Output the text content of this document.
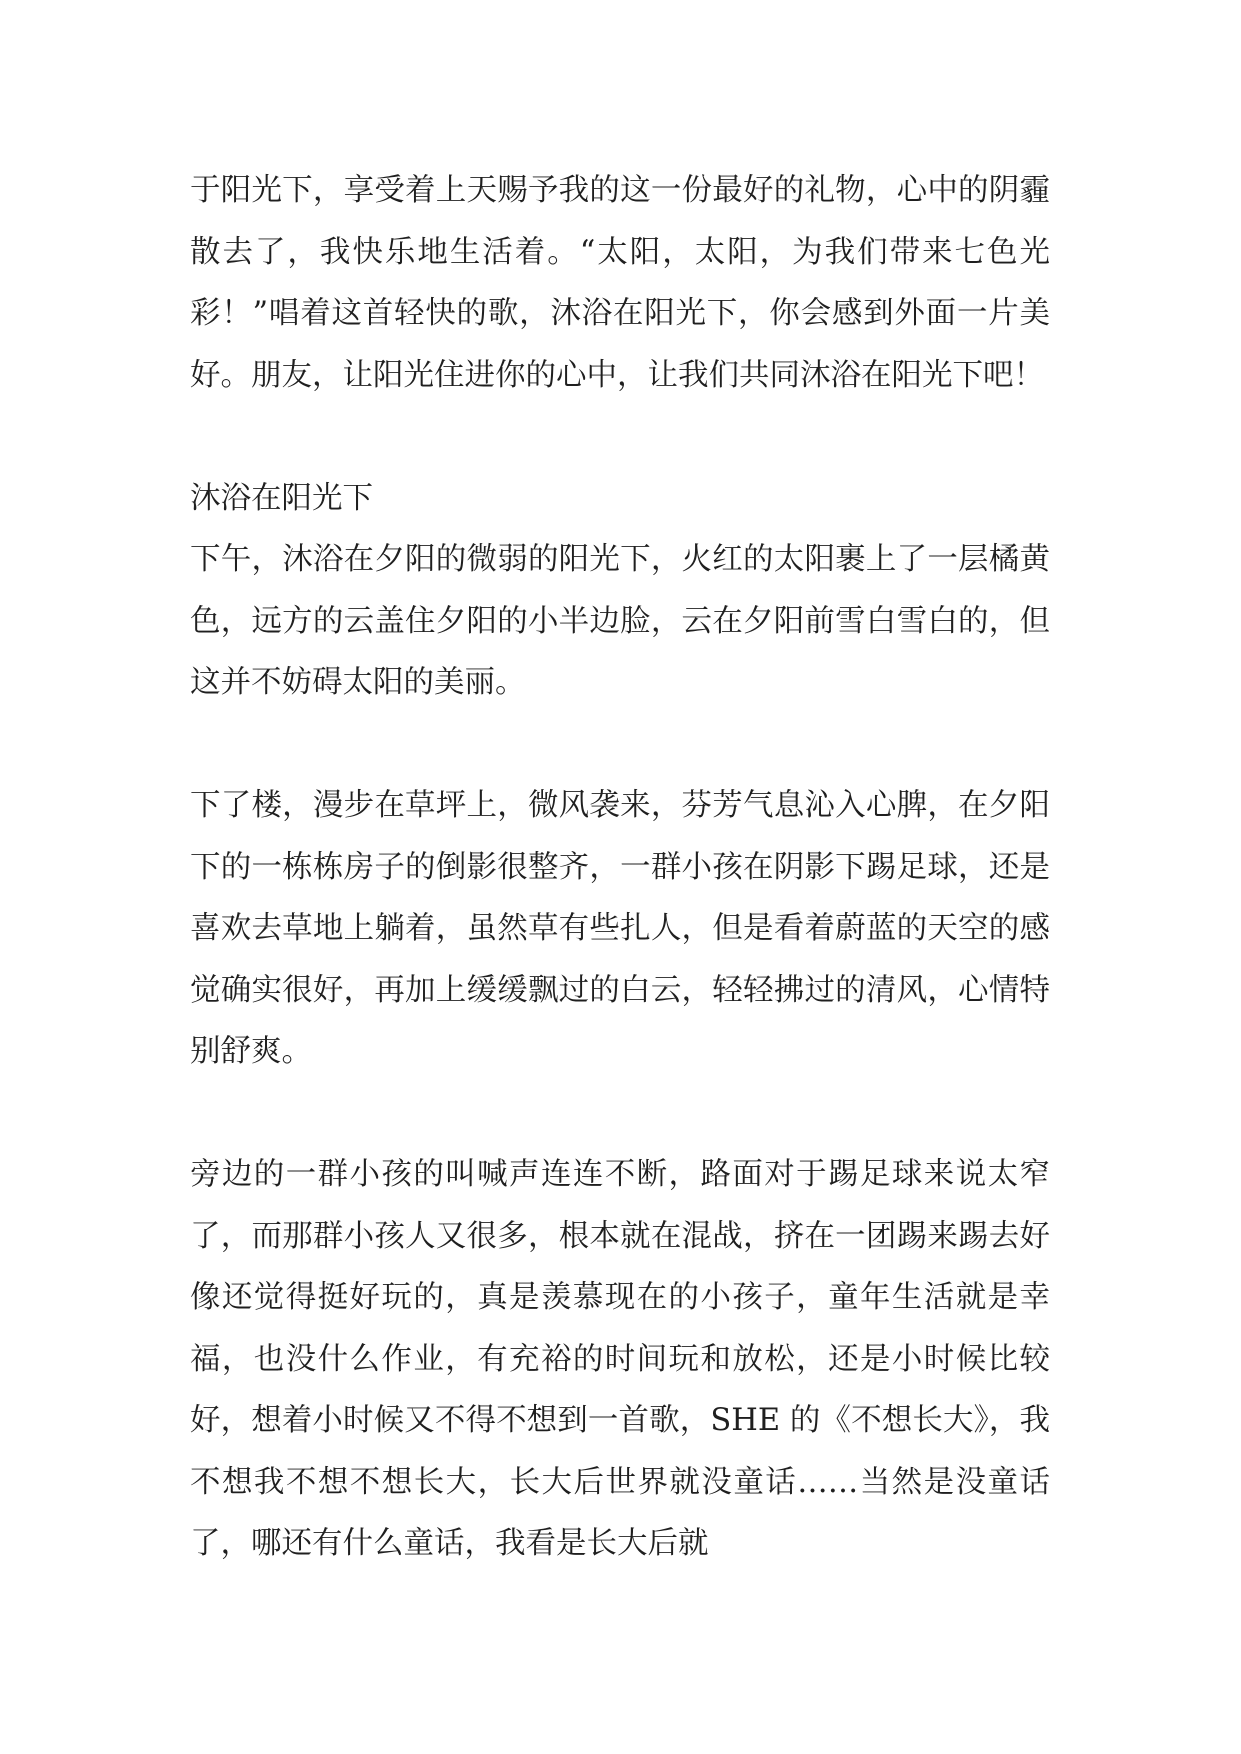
于阳光下，享受着上天赐予我的这一份最好的礼物，心中的阴霾散去了，我快乐地生活着。“太阳，太阳，为我们带来七色光彩！”唱着这首轻快的歌，沐浴在阳光下，你会感到外面一片美好。朋友，让阳光住进你的心中，让我们共同沐浴在阳光下吧！

沐浴在阳光下

下午，沐浴在夕阳的微弱的阳光下，火红的太阳裹上了一层橘黄色，远方的云盖住夕阳的小半边脸，云在夕阳前雪白雪白的，但这并不妨碍太阳的美丽。

下了楼，漫步在草坪上，微风袭来，芬芳气息沁入心脾，在夕阳下的一栋栋房子的倒影很整齐，一群小孩在阴影下踢足球，还是喜欢去草地上躺着，虽然草有些扎人，但是看着蔚蓝的天空的感觉确实很好，再加上缓缓飘过的白云，轻轻拂过的清风，心情特别舒爽。

旁边的一群小孩的叫喊声连连不断，路面对于踢足球来说太窄了，而那群小孩人又很多，根本就在混战，挤在一团踢来踢去好像还觉得挺好玩的，真是羡慕现在的小孩子，童年生活就是幸福，也没什么作业，有充裕的时间玩和放松，还是小时候比较好，想着小时候又不得不想到一首歌，SHE 的《不想长大》，我不想我不想不想长大，长大后世界就没童话……当然是没童话了，哪还有什么童话，我看是长大后就
